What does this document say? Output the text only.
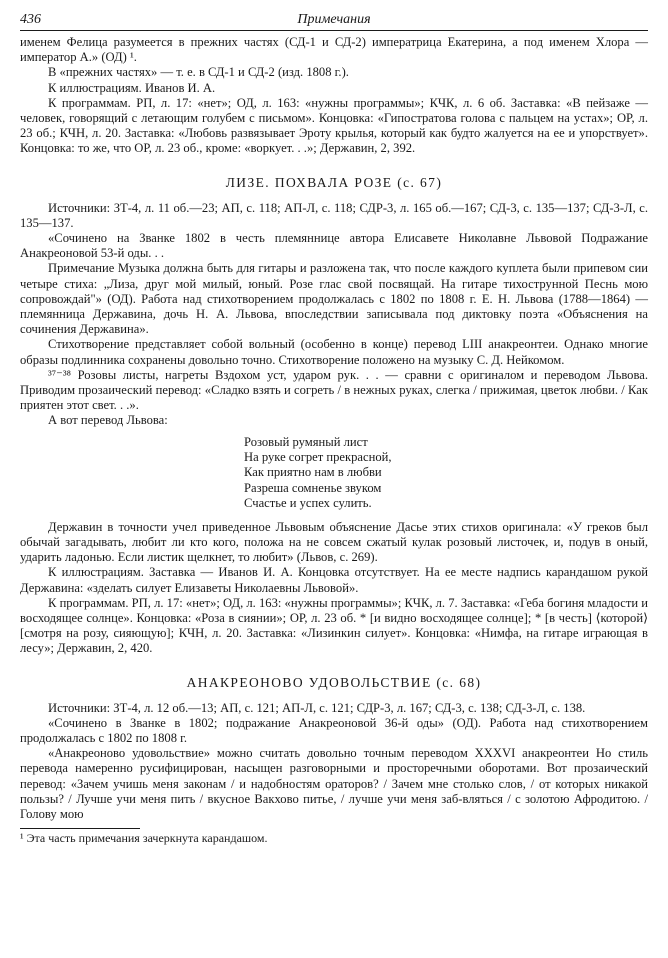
436	Примечания

именем Фелица разумеется в прежних частях (СД-1 и СД-2) императрица Екатерина, а под именем Хлора — император А.» (ОД) ¹.

В «прежних частях» — т. е. в СД-1 и СД-2 (изд. 1808 г.).

К иллюстрациям. Иванов И. А.

К программам. РП, л. 17: «нет»; ОД, л. 163: «нужны программы»; КЧК, л. 6 об. Заставка: «В пейзаже — человек, говорящий с летающим голубем с письмом». Концовка: «Гипостратова голова с пальцем на устах»; ОР, л. 23 об.; КЧН, л. 20. Заставка: «Любовь развязывает Эроту крылья, который как будто жалуется на ее и упорствует». Концовка: то же, что ОР, л. 23 об., кроме: «воркует. . .»; Державин, 2, 392.

ЛИЗЕ. ПОХВАЛА РОЗЕ (с. 67)

Источники: ЗТ-4, л. 11 об.—23; АП, с. 118; АП-Л, с. 118; СДР-3, л. 165 об.—167; СД-3, с. 135—137; СД-3-Л, с. 135—137.

«Сочинено на Званке 1802 в честь племяннице автора Елисавете Николавне Львовой Подражание Анакреоновой 53-й оды. . .

Примечание Музыка должна быть для гитары и разложена так, что после каждого куплета были припевом сии четыре стиха: „Лиза, друг мой милый, юный. Розе глас свой посвящай. На гитаре тихострунной Песнь мою сопровождай"» (ОД). Работа над стихотворением продолжалась с 1802 по 1808 г. Е. Н. Львова (1788—1864) — племянница Державина, дочь Н. А. Львова, впоследствии записывала под диктовку поэта «Объяснения на сочинения Державина».

Стихотворение представляет собой вольный (особенно в конце) перевод LIII анакреонтеи. Однако многие образы подлинника сохранены довольно точно. Стихотворение положено на музыку С. Д. Нейкомом.

³⁷⁻³⁸ Розовы листы, нагреты Вздохом уст, ударом рук. . . — сравни с оригиналом и переводом Львова. Приводим прозаический перевод: «Сладко взять и согреть / в нежных руках, слегка / прижимая, цветок любви. / Как приятен этот свет. . .».

А вот перевод Львова:

Розовый румяный лист
На руке согрет прекрасной,
Как приятно нам в любви
Разреша сомненье звуком
Счастье и успех сулить.

Державин в точности учел приведенное Львовым объяснение Дасье этих стихов оригинала: «У греков был обычай загадывать, любит ли кто кого, положа на не совсем сжатый кулак розовый листочек, и, подув в оный, ударить ладонью. Если листик щелкнет, то любит» (Львов, с. 269).

К иллюстрациям. Заставка — Иванов И. А. Концовка отсутствует. На ее месте надпись карандашом рукой Державина: «зделать силует Елизаветы Николаевны Львовой».

К программам. РП, л. 17: «нет»; ОД, л. 163: «нужны программы»; КЧК, л. 7. Заставка: «Геба богиня младости и восходящее солнце». Концовка: «Роза в сиянии»; ОР, л. 23 об. * [и видно восходящее солнце]; * [в честь] ⟨которой⟩ [смотря на розу, сияющую]; КЧН, л. 20. Заставка: «Лизинкин силует». Концовка: «Нимфа, на гитаре играющая в лесу»; Державин, 2, 420.

АНАКРЕОНОВО УДОВОЛЬСТВИЕ (с. 68)

Источники: ЗТ-4, л. 12 об.—13; АП, с. 121; АП-Л, с. 121; СДР-3, л. 167; СД-3, с. 138; СД-3-Л, с. 138.

«Сочинено в Званке в 1802; подражание Анакреоновой 36-й оды» (ОД). Работа над стихотворением продолжалась с 1802 по 1808 г.

«Анакреоново удовольствие» можно считать довольно точным переводом XXXVI анакреонтеи Но стиль перевода намеренно русифицирован, насыщен разговорными и просторечными оборотами. Вот прозаический перевод: «Зачем учишь меня законам / и надобностям ораторов? / Зачем мне столько слов, / от которых никакой пользы? / Лучше учи меня пить / вкусное Вакхово питье, / лучше учи меня заб-вляться / с золотою Афродитою. / Голову мою

¹ Эта часть примечания зачеркнута карандашом.
